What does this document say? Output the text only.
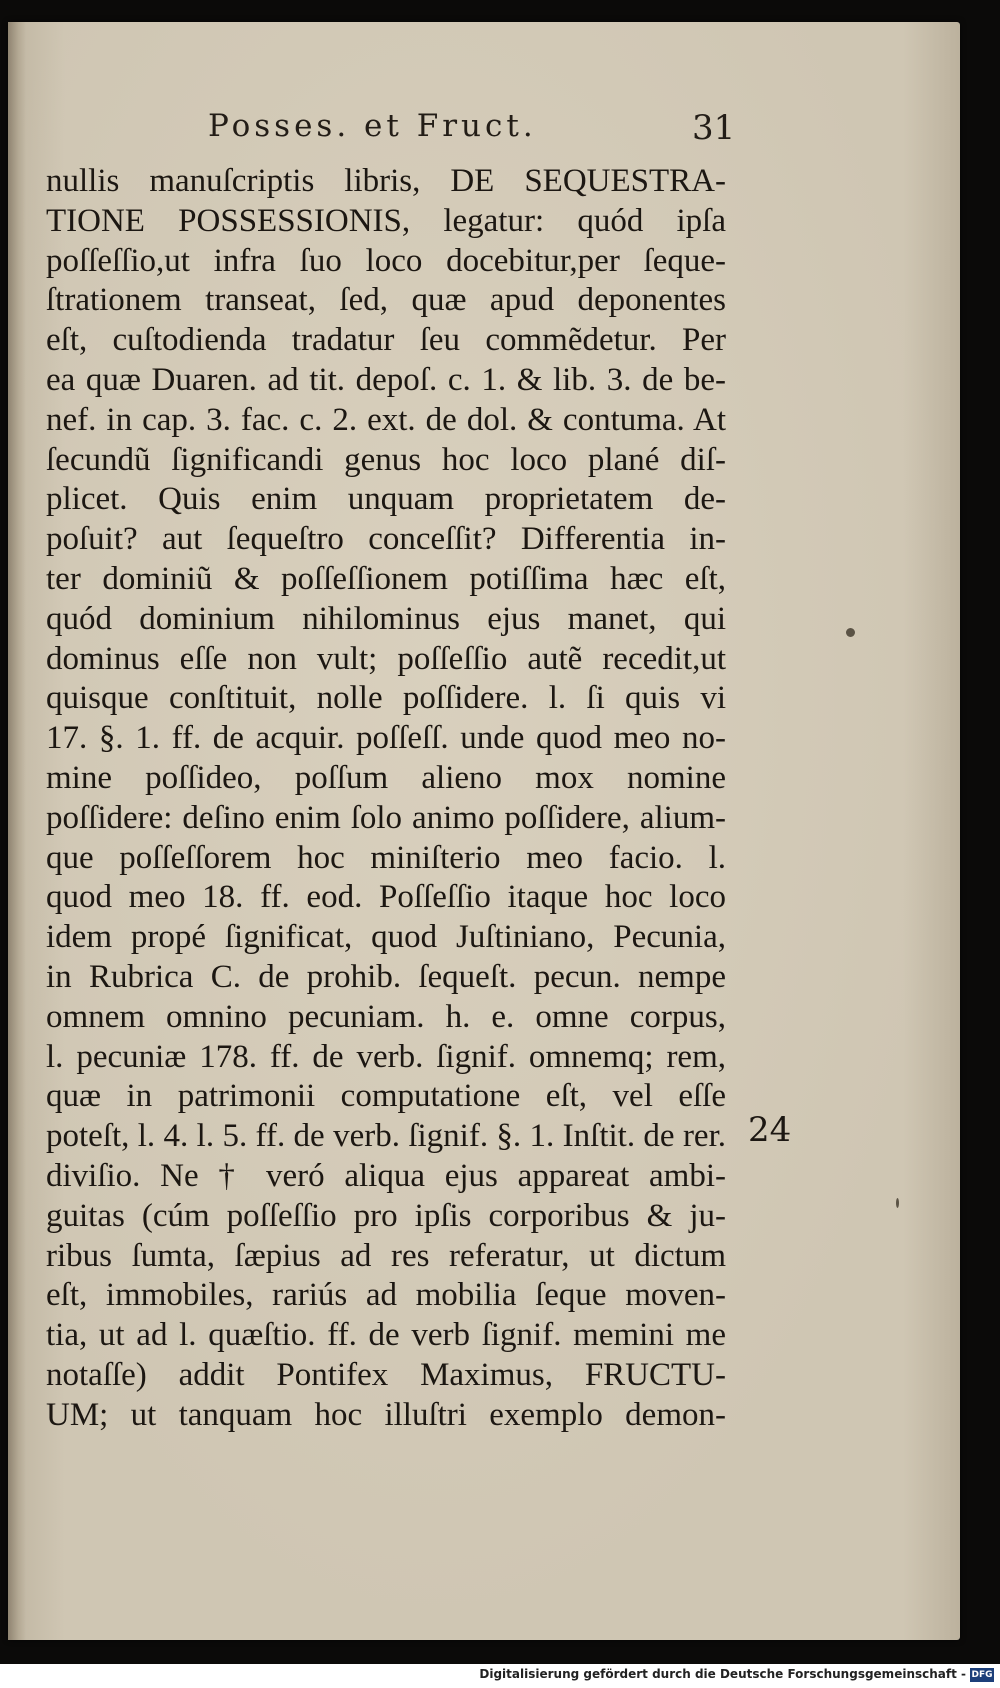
Posses. et Fruct.	31
nullis manuſcriptis libris, DE SEQUESTRA-
TIONE POSSESSIONIS, legatur: quód ipſa
poſſeſſio,ut infra ſuo loco docebitur,per ſeque-
ſtrationem transeat, ſed, quæ apud deponentes
eſt, cuſtodienda tradatur ſeu commẽdetur. Per
ea quæ Duaren. ad tit. depoſ. c. 1. & lib. 3. de be-
nef. in cap. 3. fac. c. 2. ext. de dol. & contuma. At
ſecundũ ſignificandi genus hoc loco plané diſ-
plicet. Quis enim unquam proprietatem de-
poſuit? aut ſequeſtro conceſſit? Differentia in-
ter dominiũ & poſſeſſionem potiſſima hæc eſt,
quód dominium nihilominus ejus manet, qui
dominus eſſe non vult; poſſeſſio autẽ recedit,ut
quisque conſtituit, nolle poſſidere. l. ſi quis vi
17. §. 1. ff. de acquir. poſſeſſ. unde quod meo no-
mine poſſideo, poſſum alieno mox nomine
poſſidere: deſino enim ſolo animo poſſidere, alium-
que poſſeſſorem hoc miniſterio meo facio. l.
quod meo 18. ff. eod. Poſſeſſio itaque hoc loco
idem propé ſignificat, quod Juſtiniano, Pecunia,
in Rubrica C. de prohib. ſequeſt. pecun. nempe
omnem omnino pecuniam. h. e. omne corpus,
l. pecuniæ 178. ff. de verb. ſignif. omnemq; rem,
quæ in patrimonii computatione eſt, vel eſſe
poteſt, l. 4. l. 5. ff. de verb. ſignif. §. 1. Inſtit. de rer.
diviſio. Ne † veró aliqua ejus appareat ambi-
guitas (cúm poſſeſſio pro ipſis corporibus & ju-
ribus ſumta, ſæpius ad res referatur, ut dictum
eſt, immobiles, rariús ad mobilia ſeque moven-
tia, ut ad l. quæſtio. ff. de verb ſignif. memini me
notaſſe) addit Pontifex Maximus, FRUCTU-
UM; ut tanquam hoc illuſtri exemplo demon-
24
Digitalisierung gefördert durch die Deutsche Forschungsgemeinschaft - DFG
